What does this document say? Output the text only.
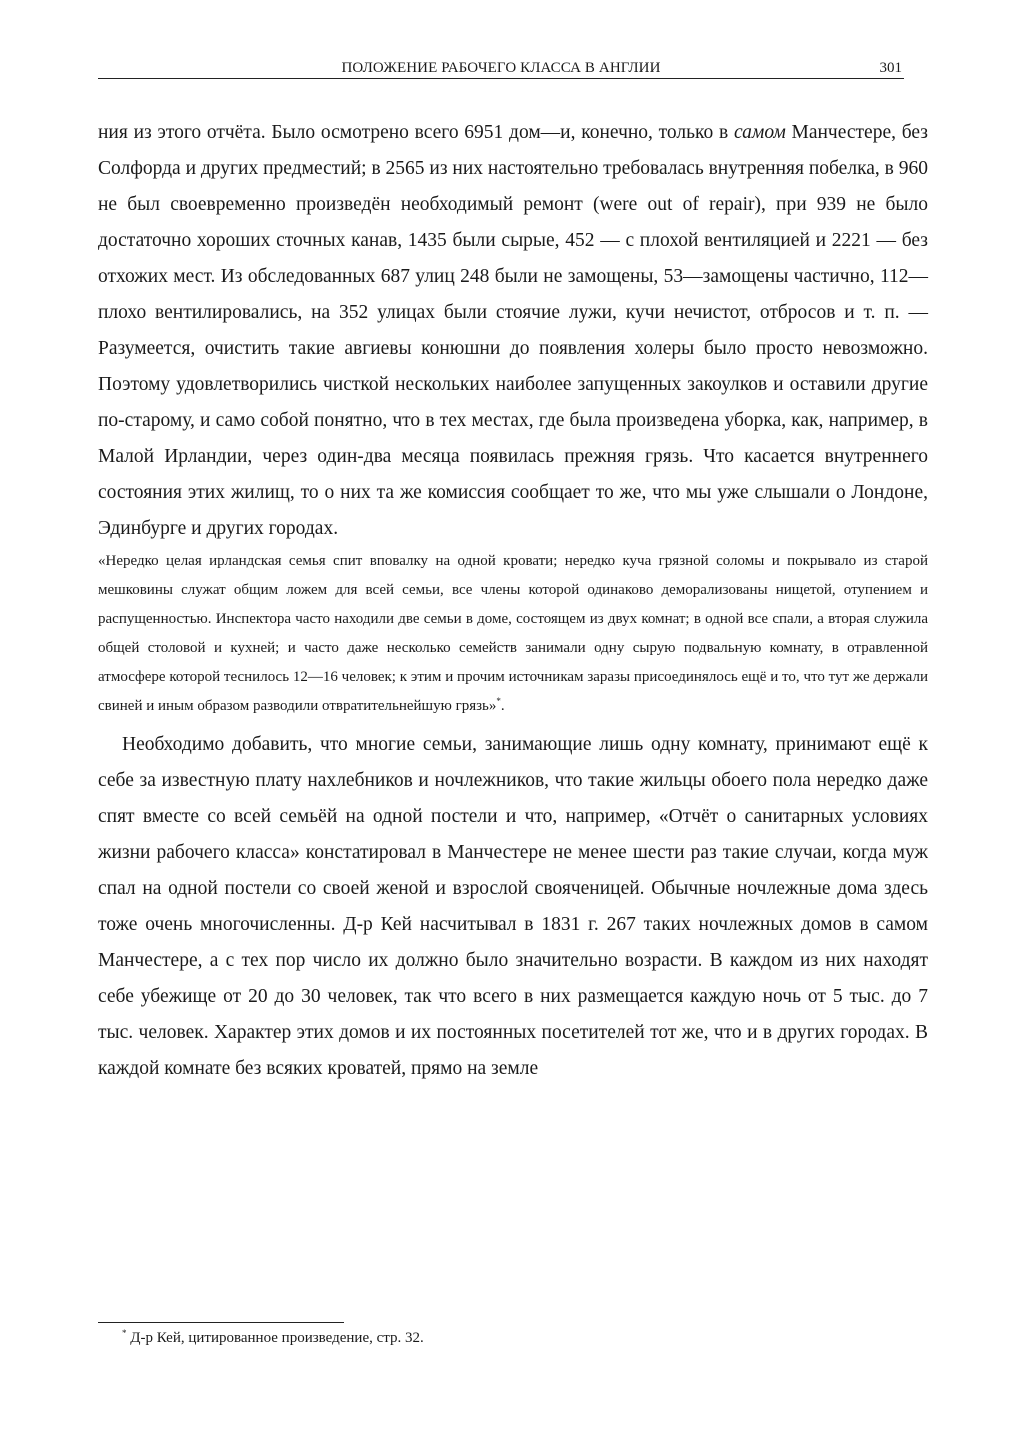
ПОЛОЖЕНИЕ РАБОЧЕГО КЛАССА В АНГЛИИ	301

ния из этого отчёта. Было осмотрено всего 6951 дом—и, конечно, только в самом Манчестере, без Солфорда и других предместий; в 2565 из них настоятельно требовалась внутренняя побелка, в 960 не был своевременно произведён необходимый ремонт (were out of repair), при 939 не было достаточно хороших сточных канав, 1435 были сырые, 452 — с плохой вентиляцией и 2221 — без отхожих мест. Из обследованных 687 улиц 248 были не замощены, 53—замощены частично, 112—плохо вентилировались, на 352 улицах были стоячие лужи, кучи нечистот, отбросов и т. п. — Разумеется, очистить такие авгиевы конюшни до появления холеры было просто невозможно. Поэтому удовлетворились чисткой нескольких наиболее запущенных закоулков и оставили другие по-старому, и само собой понятно, что в тех местах, где была произведена уборка, как, например, в Малой Ирландии, через один-два месяца появилась прежняя грязь. Что касается внутреннего состояния этих жилищ, то о них та же комиссия сообщает то же, что мы уже слышали о Лондоне, Эдинбурге и других городах.

«Нередко целая ирландская семья спит вповалку на одной кровати; нередко куча грязной соломы и покрывало из старой мешковины служат общим ложем для всей семьи, все члены которой одинаково деморализованы нищетой, отупением и распущенностью. Инспектора часто находили две семьи в доме, состоящем из двух комнат; в одной все спали, а вторая служила общей столовой и кухней; и часто даже несколько семейств занимали одну сырую подвальную комнату, в отравленной атмосфере которой теснилось 12—16 человек; к этим и прочим источникам заразы присоединялось ещё и то, что тут же держали свиней и иным образом разводили отвратительнейшую грязь»*.

Необходимо добавить, что многие семьи, занимающие лишь одну комнату, принимают ещё к себе за известную плату нахлебников и ночлежников, что такие жильцы обоего пола нередко даже спят вместе со всей семьёй на одной постели и что, например, «Отчёт о санитарных условиях жизни рабочего класса» констатировал в Манчестере не менее шести раз такие случаи, когда муж спал на одной постели со своей женой и взрослой свояченицей. Обычные ночлежные дома здесь тоже очень многочисленны. Д-р Кей насчитывал в 1831 г. 267 таких ночлежных домов в самом Манчестере, а с тех пор число их должно было значительно возрасти. В каждом из них находят себе убежище от 20 до 30 человек, так что всего в них размещается каждую ночь от 5 тыс. до 7 тыс. человек. Характер этих домов и их постоянных посетителей тот же, что и в других городах. В каждой комнате без всяких кроватей, прямо на земле

* Д-р Кей, цитированное произведение, стр. 32.
